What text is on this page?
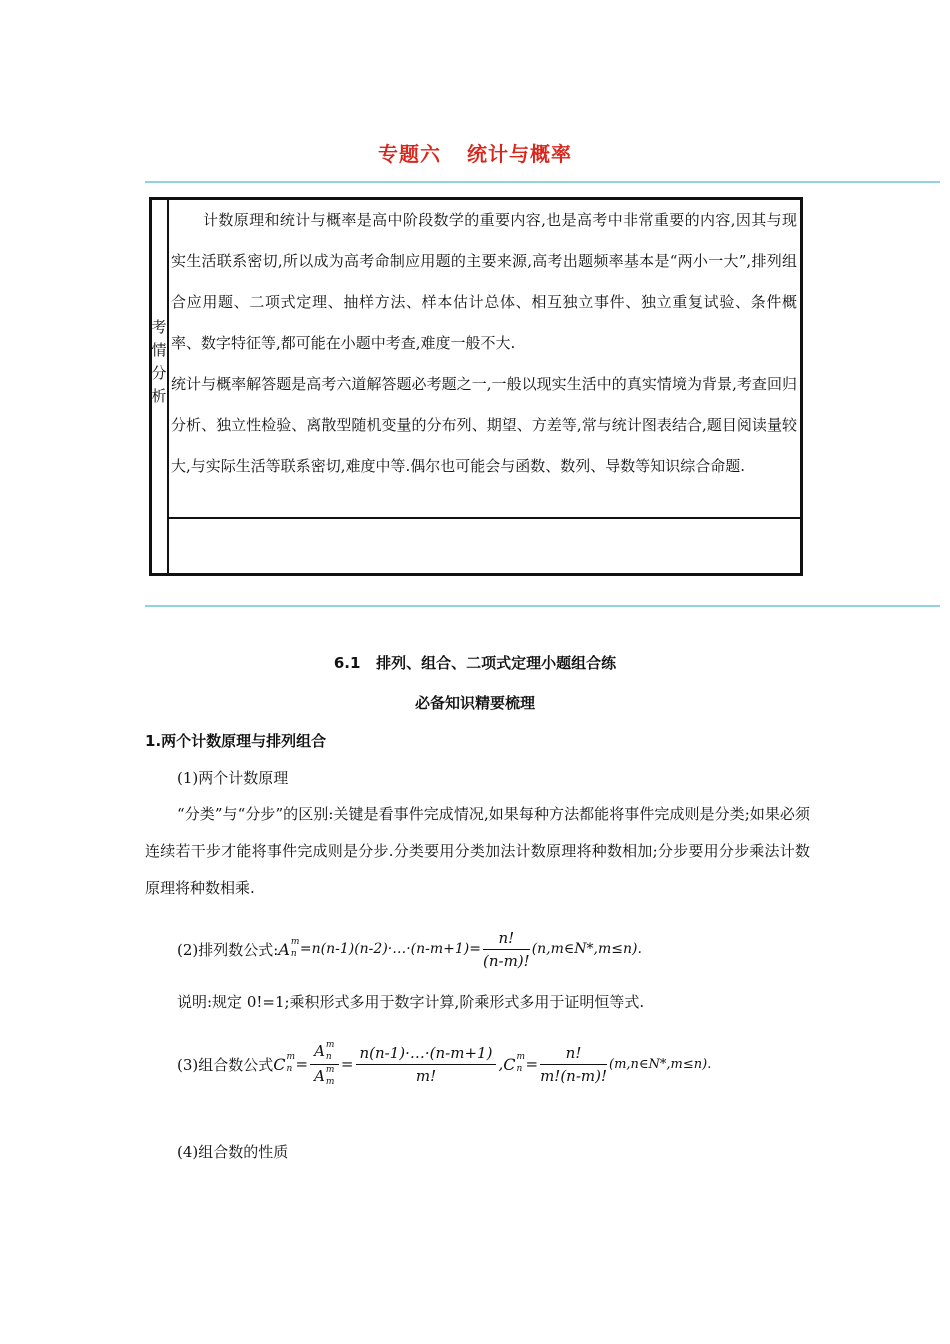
专题六 统计与概率
考
情
分
析
计数原理和统计与概率是高中阶段数学的重要内容,也是高考中非常重要的内容,因其与现实生活联系密切,所以成为高考命制应用题的主要来源,高考出题频率基本是“两小一大”,排列组合应用题、二项式定理、抽样方法、样本估计总体、相互独立事件、独立重复试验、条件概率、数字特征等,都可能在小题中考查,难度一般不大.
统计与概率解答题是高考六道解答题必考题之一,一般以现实生活中的真实情境为背景,考查回归分析、独立性检验、离散型随机变量的分布列、期望、方差等,常与统计图表结合,题目阅读量较大,与实际生活等联系密切,难度中等.偶尔也可能会与函数、数列、导数等知识综合命题.
6.1 排列、组合、二项式定理小题组合练
必备知识精要梳理
1.两个计数原理与排列组合
(1)两个计数原理
“分类”与“分步”的区别:关键是看事件完成情况,如果每种方法都能将事件完成则是分类;如果必须连续若干步才能将事件完成则是分步.分类要用分类加法计数原理将种数相加;分步要用分步乘法计数原理将种数相乘.
(2)排列数公式: A m
n =n(n-1)(n-2)·…·(n-m+1)= $\frac{n!}{(n-m)!}$ (n,m∈N*,m≤n).
说明:规定 0!=1;乘积形式多用于数字计算,阶乘形式多用于证明恒等式.
(3)组合数公式 C m
n = A m
n
A m
$m = \frac{n(n-1)\cdot\dots\cdot(n-m+1)}{m!}$ , C m
$n = \frac{n!}{m!(n-m)!}$ (m,n∈N*,m≤n).
(4)组合数的性质
